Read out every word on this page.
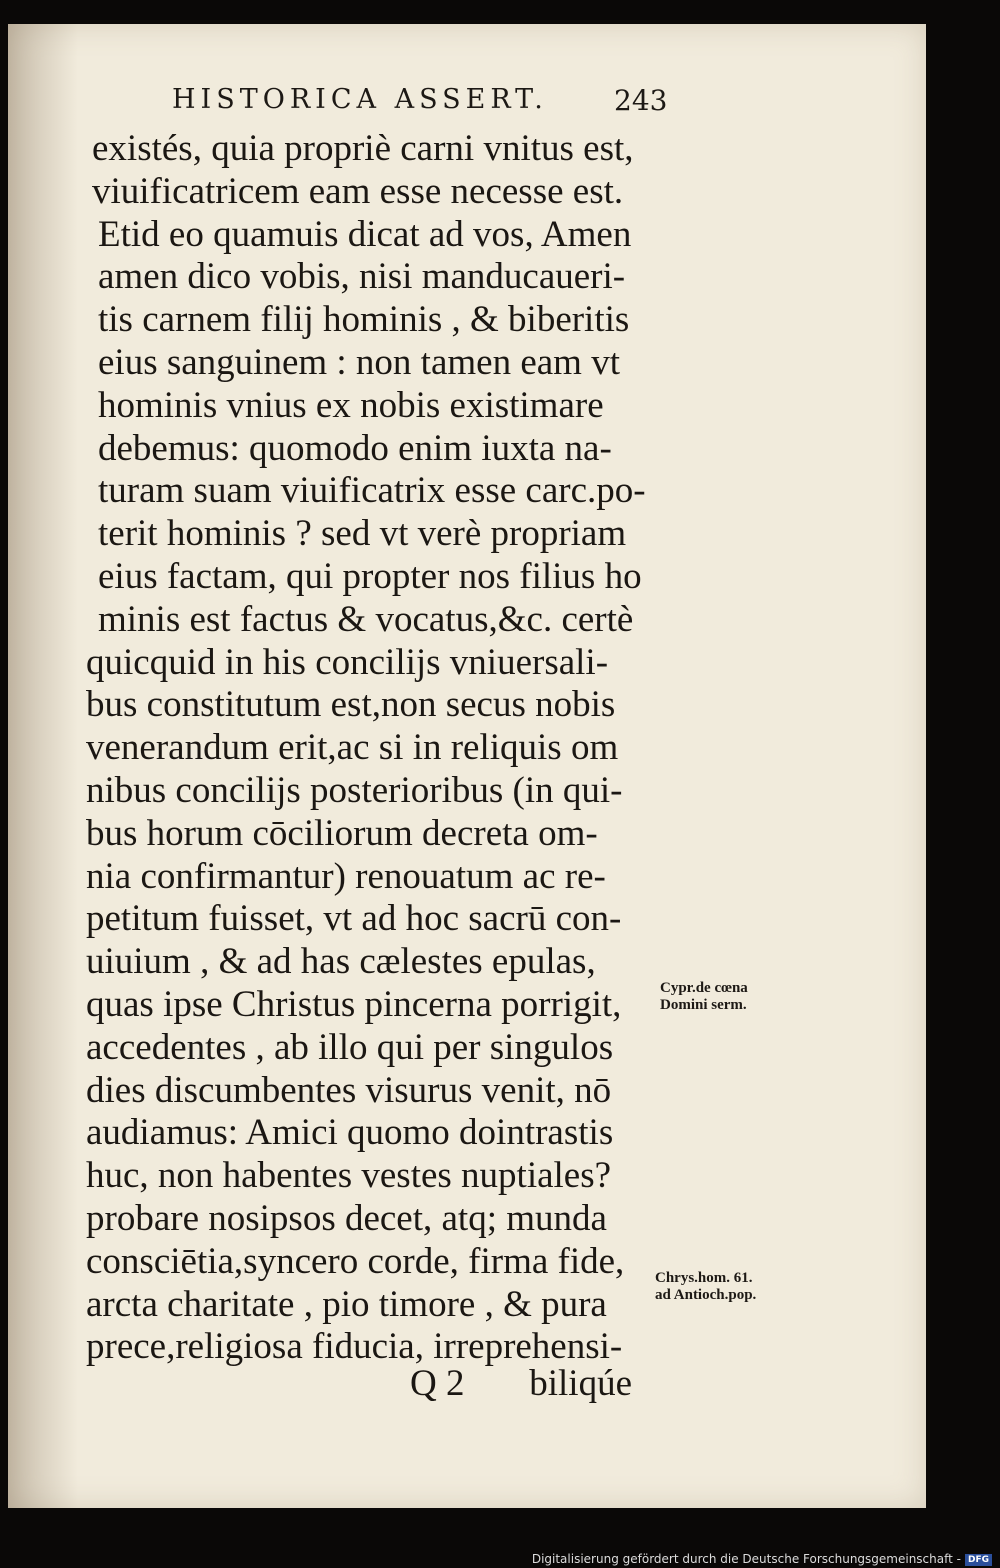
HISTORICA ASSERT. 243
existés, quia propriè carni vnitus est,
viuificatricem eam esse necesse est.
Etid eo quamuis dicat ad vos, Amen
amen dico vobis, nisi manducaueri-
tis carnem filij hominis , & biberitis
eius sanguinem : non tamen eam vt
hominis vnius ex nobis existimare
debemus: quomodo enim iuxta na-
turam suam viuificatrix esse carc.po-
terit hominis ? sed vt verè propriam
eius factam, qui propter nos filius ho
minis est factus & vocatus,&c. certè
quicquid in his concilijs vniuersali-
bus constitutum est,non secus nobis
venerandum erit,ac si in reliquis om
nibus concilijs posterioribus (in qui-
bus horum cōciliorum decreta om-
nia confirmantur) renouatum ac re-
petitum fuisset, vt ad hoc sacrū con-
uiuium , & ad has cælestes epulas,
quas ipse Christus pincerna porrigit,
accedentes , ab illo qui per singulos
dies discumbentes visurus venit, nō
audiamus: Amici quomo dointrastis
huc, non habentes vestes nuptiales?
probare nosipsos decet, atq; munda
consciētia,syncero corde, firma fide,
arcta charitate , pio timore , & pura
prece,religiosa fiducia, irreprehensi-
Cypr.de cœna
Domini serm.
Chrys.hom. 61.
ad Antioch.pop.
Q 2 biliqúe
Digitalisierung gefördert durch die Deutsche Forschungsgemeinschaft - DFG
